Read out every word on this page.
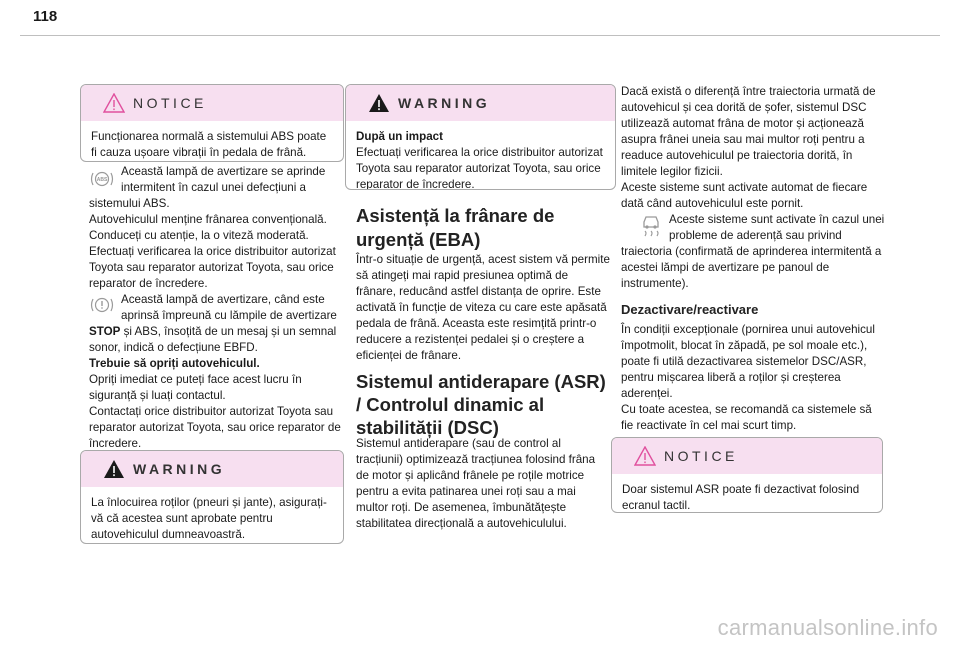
118
NOTICE
Funcționarea normală a sistemului ABS poate fi cauza ușoare vibrații în pedala de frână.
ABS
Această lampă de avertizare se aprinde intermitent în cazul unei defecțiuni a

sistemului ABS.

Autovehiculul menține frânarea convențională.

Conduceți cu atenție, la o viteză moderată.

Efectuați verificarea la orice distribuitor autorizat Toyota sau reparator autorizat Toyota, sau orice reparator de încredere.

Această lampă de avertizare, când este aprinsă împreună cu lămpile de avertizare

STOP și ABS, însoțită de un mesaj și un semnal sonor, indică o defecțiune EBFD.

Trebuie să opriți autovehiculul.

Opriți imediat ce puteți face acest lucru în siguranță și luați contactul.

Contactați orice distribuitor autorizat Toyota sau reparator autorizat Toyota, sau orice reparator de încredere.

WARNING
La înlocuirea roților (pneuri și jante), asigurați-vă că acestea sunt aprobate pentru autovehiculul dumneavoastră.
WARNING

După un impact

Efectuați verificarea la orice distribuitor autorizat Toyota sau reparator autorizat Toyota, sau orice reparator de încredere.

Asistență la frânare de urgență (EBA)
Într-o situație de urgență, acest sistem vă permite să atingeți mai rapid presiunea optimă de frânare, reducând astfel distanța de oprire. Este activată în funcție de viteza cu care este apăsată pedala de frână. Aceasta este resimțită printr-o reducere a rezistenței pedalei și o creștere a eficienței de frânare.
Sistemul antiderapare (ASR) / Controlul dinamic al stabilității (DSC)
Sistemul antiderapare (sau de control al tracțiunii) optimizează tracțiunea folosind frâna de motor și aplicând frânele pe roțile motrice pentru a evita patinarea unei roți sau a mai multor roți. De asemenea, îmbunătățește stabilitatea direcțională a autovehiculului.

Dacă există o diferență între traiectoria urmată de autovehicul și cea dorită de șofer, sistemul DSC utilizează automat frâna de motor și acționează asupra frânei uneia sau mai multor roți pentru a readuce autovehiculul pe traiectoria dorită, în limitele legilor fizicii.

Aceste sisteme sunt activate automat de fiecare dată când autovehiculul este pornit.

Aceste sisteme sunt activate în cazul unei probleme de aderență sau privind

traiectoria (confirmată de aprinderea intermitentă a acestei lămpi de avertizare pe panoul de instrumente).

Dezactivare/reactivare

În condiții excepționale (pornirea unui autovehicul împotmolit, blocat în zăpadă, pe sol moale etc.), poate fi utilă dezactivarea sistemelor DSC/ASR, pentru mișcarea liberă a roților și creșterea aderenței.

Cu toate acestea, se recomandă ca sistemele să fie reactivate în cel mai scurt timp.

NOTICE
Doar sistemul ASR poate fi dezactivat folosind ecranul tactil.
carmanualsonline.info
